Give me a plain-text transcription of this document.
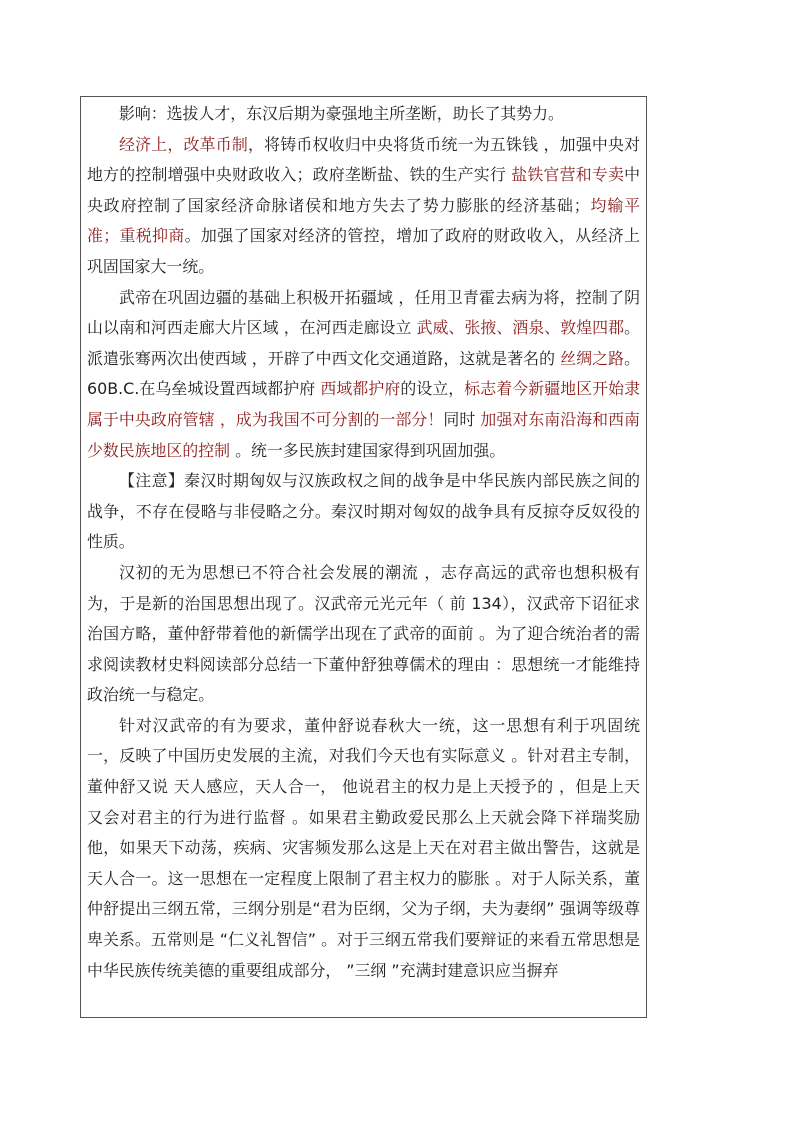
影响：选拔人才，东汉后期为豪强地主所垄断，助长了其势力。

经济上，改革币制，将铸币权收归中央将货币统一为五铢钱 ，加强中央对地方的控制增强中央财政收入；政府垄断盐、铁的生产实行 盐铁官营和专卖中央政府控制了国家经济命脉诸侯和地方失去了势力膨胀的经济基础；均输平准；重税抑商。加强了国家对经济的管控，增加了政府的财政收入，从经济上巩固国家大一统。

武帝在巩固边疆的基础上积极开拓疆域 ，任用卫青霍去病为将，控制了阴山以南和河西走廊大片区域 ，在河西走廊设立 武威、张掖、酒泉、敦煌四郡。派遣张骞两次出使西域 ，开辟了中西文化交通道路，这就是著名的 丝绸之路。60B.C.在乌垒城设置西域都护府 西域都护府的设立，标志着今新疆地区开始隶属于中央政府管辖 ，成为我国不可分割的一部分！同时 加强对东南沿海和西南少数民族地区的控制 。统一多民族封建国家得到巩固加强。

【注意】秦汉时期匈奴与汉族政权之间的战争是中华民族内部民族之间的战争，不存在侵略与非侵略之分。秦汉时期对匈奴的战争具有反掠夺反奴役的性质。

汉初的无为思想已不符合社会发展的潮流 ，志存高远的武帝也想积极有为，于是新的治国思想出现了。汉武帝元光元年（ 前 134），汉武帝下诏征求治国方略，董仲舒带着他的新儒学出现在了武帝的面前 。为了迎合统治者的需求阅读教材史料阅读部分总结一下董仲舒独尊儒术的理由 ：思想统一才能维持政治统一与稳定。

针对汉武帝的有为要求，董仲舒说春秋大一统，这一思想有利于巩固统一，反映了中国历史发展的主流，对我们今天也有实际意义 。针对君主专制，董仲舒又说 天人感应，天人合一， 他说君主的权力是上天授予的 ，但是上天又会对君主的行为进行监督 。如果君主勤政爱民那么上天就会降下祥瑞奖励他，如果天下动荡，疾病、灾害频发那么这是上天在对君主做出警告，这就是天人合一。这一思想在一定程度上限制了君主权力的膨胀 。对于人际关系，董仲舒提出三纲五常，三纲分别是“君为臣纲，父为子纲，夫为妻纲” 强调等级尊卑关系。五常则是 “仁义礼智信” 。对于三纲五常我们要辩证的来看五常思想是中华民族传统美德的重要组成部分， ”三纲 ”充满封建意识应当摒弃
